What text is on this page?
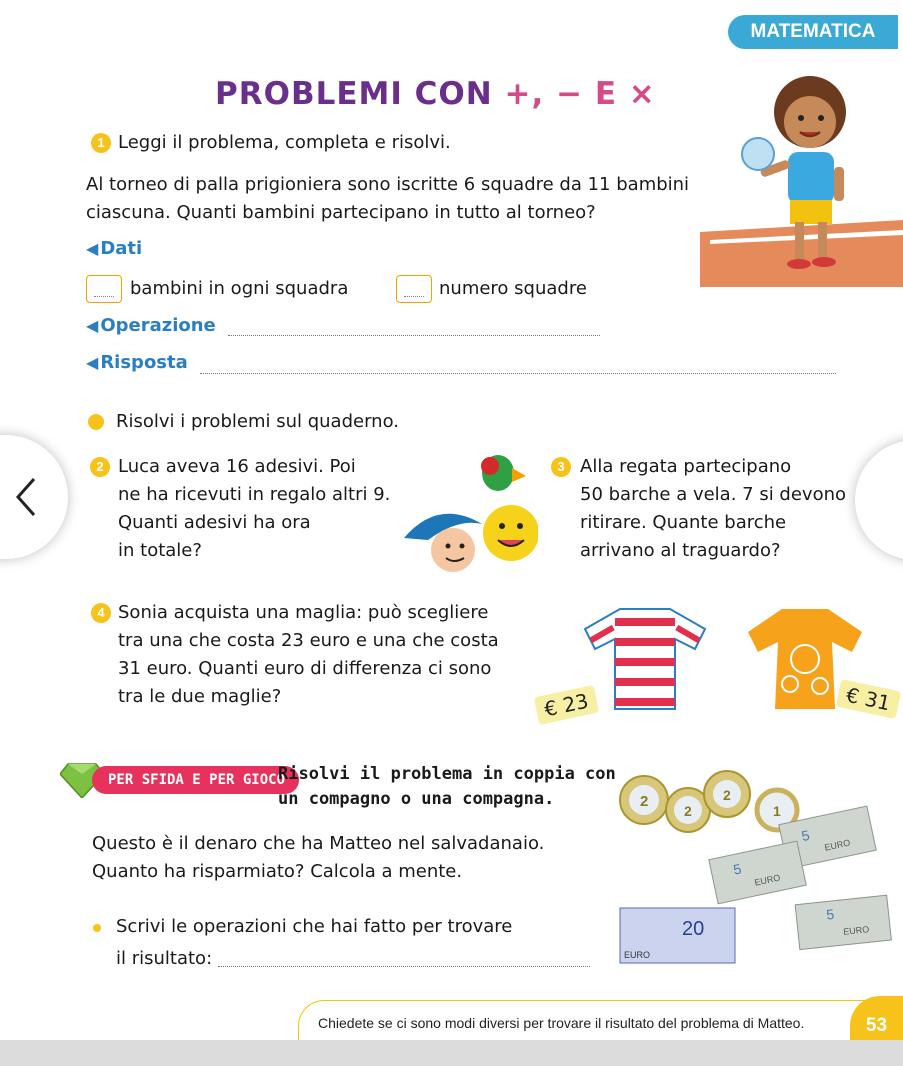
MATEMATICA
PROBLEMI CON +, − E ×
1 Leggi il problema, completa e risolvi.
Al torneo di palla prigioniera sono iscritte 6 squadre da 11 bambini
ciascuna. Quanti bambini partecipano in tutto al torneo?
◀ Dati
bambini in ogni squadra	numero squadre
◀ Operazione
◀ Risposta
Risolvi i problemi sul quaderno.
2 Luca aveva 16 adesivi. Poi
ne ha ricevuti in regalo altri 9.
Quanti adesivi ha ora
in totale?
3 Alla regata partecipano
50 barche a vela. 7 si devono
ritirare. Quante barche
arrivano al traguardo?
4 Sonia acquista una maglia: può scegliere
tra una che costa 23 euro e una che costa
31 euro. Quanti euro di differenza ci sono
tra le due maglie?	€ 23	€ 31
PER SFIDA E PER GIOCO
Risolvi il problema in coppia con
un compagno o una compagna.
Questo è il denaro che ha Matteo nel salvadanaio.
Quanto ha risparmiato? Calcola a mente.
Scrivi le operazioni che hai fatto per trovare
il risultato:
2
2
2
1
5
EURO
5
EURO
5
EURO
20
EURO
Chiedete se ci sono modi diversi per trovare il risultato del problema di Matteo.	53
